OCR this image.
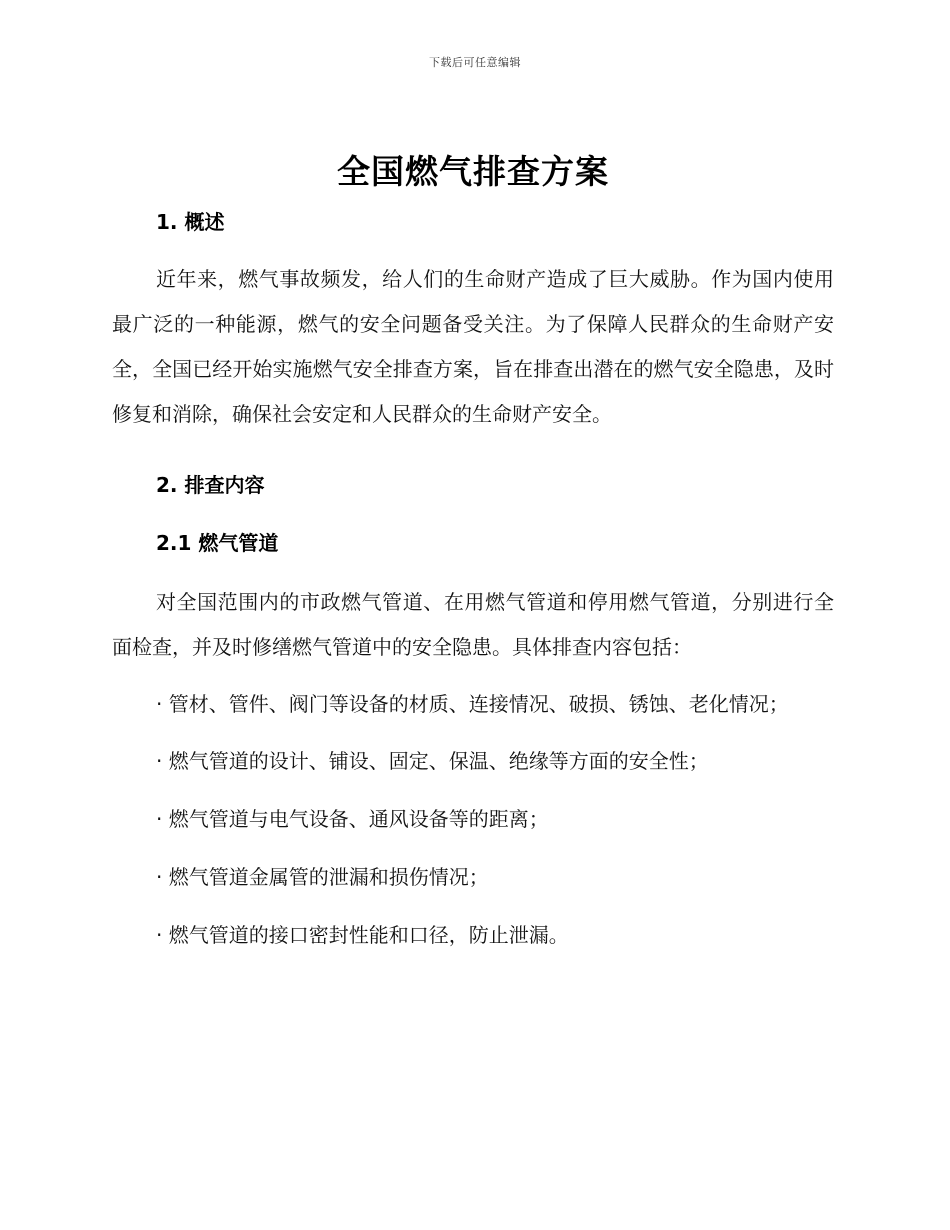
下载后可任意编辑
全国燃气排查方案
1. 概述

近年来，燃气事故频发，给人们的生命财产造成了巨大威胁。作为国内使用最广泛的一种能源，燃气的安全问题备受关注。为了保障人民群众的生命财产安全，全国已经开始实施燃气安全排查方案，旨在排查出潜在的燃气安全隐患，及时修复和消除，确保社会安定和人民群众的生命财产安全。

2. 排查内容
2.1 燃气管道

对全国范围内的市政燃气管道、在用燃气管道和停用燃气管道，分别进行全面检查，并及时修缮燃气管道中的安全隐患。具体排查内容包括：

· 管材、管件、阀门等设备的材质、连接情况、破损、锈蚀、老化情况；

· 燃气管道的设计、铺设、固定、保温、绝缘等方面的安全性；

· 燃气管道与电气设备、通风设备等的距离；

· 燃气管道金属管的泄漏和损伤情况；

· 燃气管道的接口密封性能和口径，防止泄漏。
